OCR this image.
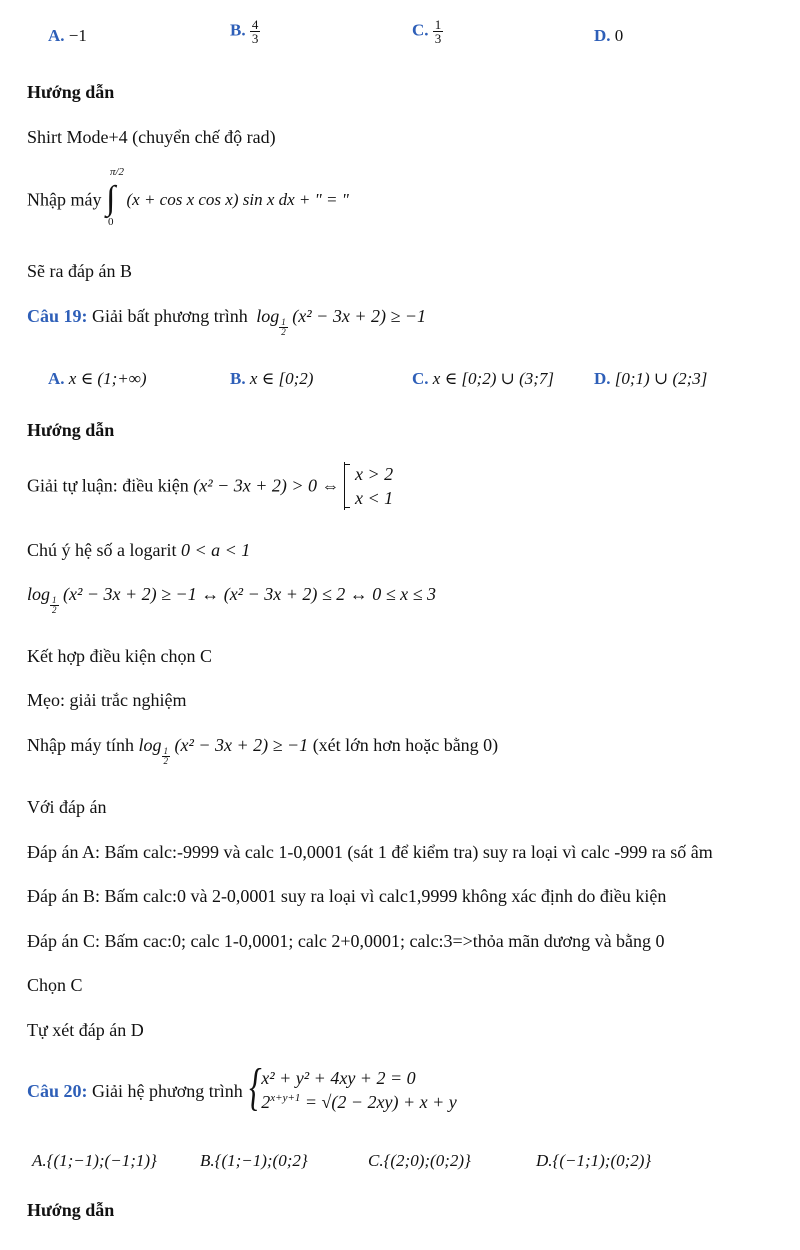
A. −1	B. $\frac{4}{3}$	C. $\frac{1}{3}$	D. 0
Hướng dẫn
Shirt Mode+4 (chuyển chế độ rad)
Nhập máy
π/2
∫
0
(x + cos x cos x) sin x dx + " = "
Sẽ ra đáp án B
Câu 19: Giải bất phương trình log
$\frac{1}{2}$
(x² − 3x + 2) ≥ −1
A. x ∈ (1;+∞)	B. x ∈ [0;2)	C. x ∈ [0;2) ∪ (3;7] D. [0;1) ∪ (2;3]
Hướng dẫn
Giải tự luận: điều kiện (x² − 3x + 2) > 0 ⇔
x > 2
x < 1
Chú ý hệ số a logarit 0 < a < 1
log
$\frac{1}{2}$
(x² − 3x + 2) ≥ −1 ↔ (x² − 3x + 2) ≤ 2 ↔ 0 ≤ x ≤ 3
Kết hợp điều kiện chọn C
Mẹo: giải trắc nghiệm
Nhập máy tính log
$\frac{1}{2}$
(x² − 3x + 2) ≥ −1 (xét lớn hơn hoặc bằng 0)
Với đáp án
Đáp án A: Bấm calc:-9999 và calc 1-0,0001 (sát 1 để kiểm tra) suy ra loại vì calc -999 ra số âm
Đáp án B: Bấm calc:0 và 2-0,0001 suy ra loại vì calc1,9999 không xác định do điều kiện
Đáp án C: Bấm cac:0; calc 1-0,0001; calc 2+0,0001; calc:3=>thỏa mãn dương và bằng 0
Chọn C
Tự xét đáp án D
Câu 20: Giải hệ phương trình
{ x² + y² + 4xy + 2 = 0
$2^{x+y+1} = √(2 - 2xy) + x + y$
A.{(1;−1);(−1;1)}	B.{(1;−1);(0;2}	C.{(2;0);(0;2)}	D.{(−1;1);(0;2)}
Hướng dẫn
